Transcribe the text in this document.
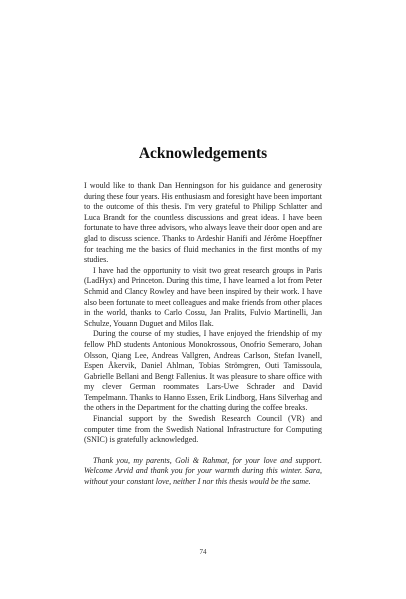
Acknowledgements

I would like to thank Dan Henningson for his guidance and generosity during these four years. His enthusiasm and foresight have been important to the outcome of this thesis. I'm very grateful to Philipp Schlatter and Luca Brandt for the countless discussions and great ideas. I have been fortunate to have three advisors, who always leave their door open and are glad to discuss science. Thanks to Ardeshir Hanifi and Jérôme Hoepffner for teaching me the basics of fluid mechanics in the first months of my studies.

I have had the opportunity to visit two great research groups in Paris (LadHyx) and Princeton. During this time, I have learned a lot from Peter Schmid and Clancy Rowley and have been inspired by their work. I have also been fortunate to meet colleagues and make friends from other places in the world, thanks to Carlo Cossu, Jan Pralits, Fulvio Martinelli, Jan Schulze, Youann Duguet and Milos Ilak.

During the course of my studies, I have enjoyed the friendship of my fellow PhD students Antonious Monokrossous, Onofrio Semeraro, Johan Olsson, Qiang Lee, Andreas Vallgren, Andreas Carlson, Stefan Ivanell, Espen Åkervik, Daniel Ahlman, Tobias Strömgren, Outi Tamissoula, Gabrielle Bellani and Bengt Fallenius. It was pleasure to share office with my clever German roommates Lars-Uwe Schrader and David Tempelmann. Thanks to Hanno Essen, Erik Lindborg, Hans Silverhag and the others in the Department for the chatting during the coffee breaks.

Financial support by the Swedish Research Council (VR) and computer time from the Swedish National Infrastructure for Computing (SNIC) is gratefully acknowledged.

Thank you, my parents, Goli & Rahmat, for your love and support. Welcome Arvid and thank you for your warmth during this winter. Sara, without your constant love, neither I nor this thesis would be the same.

74
